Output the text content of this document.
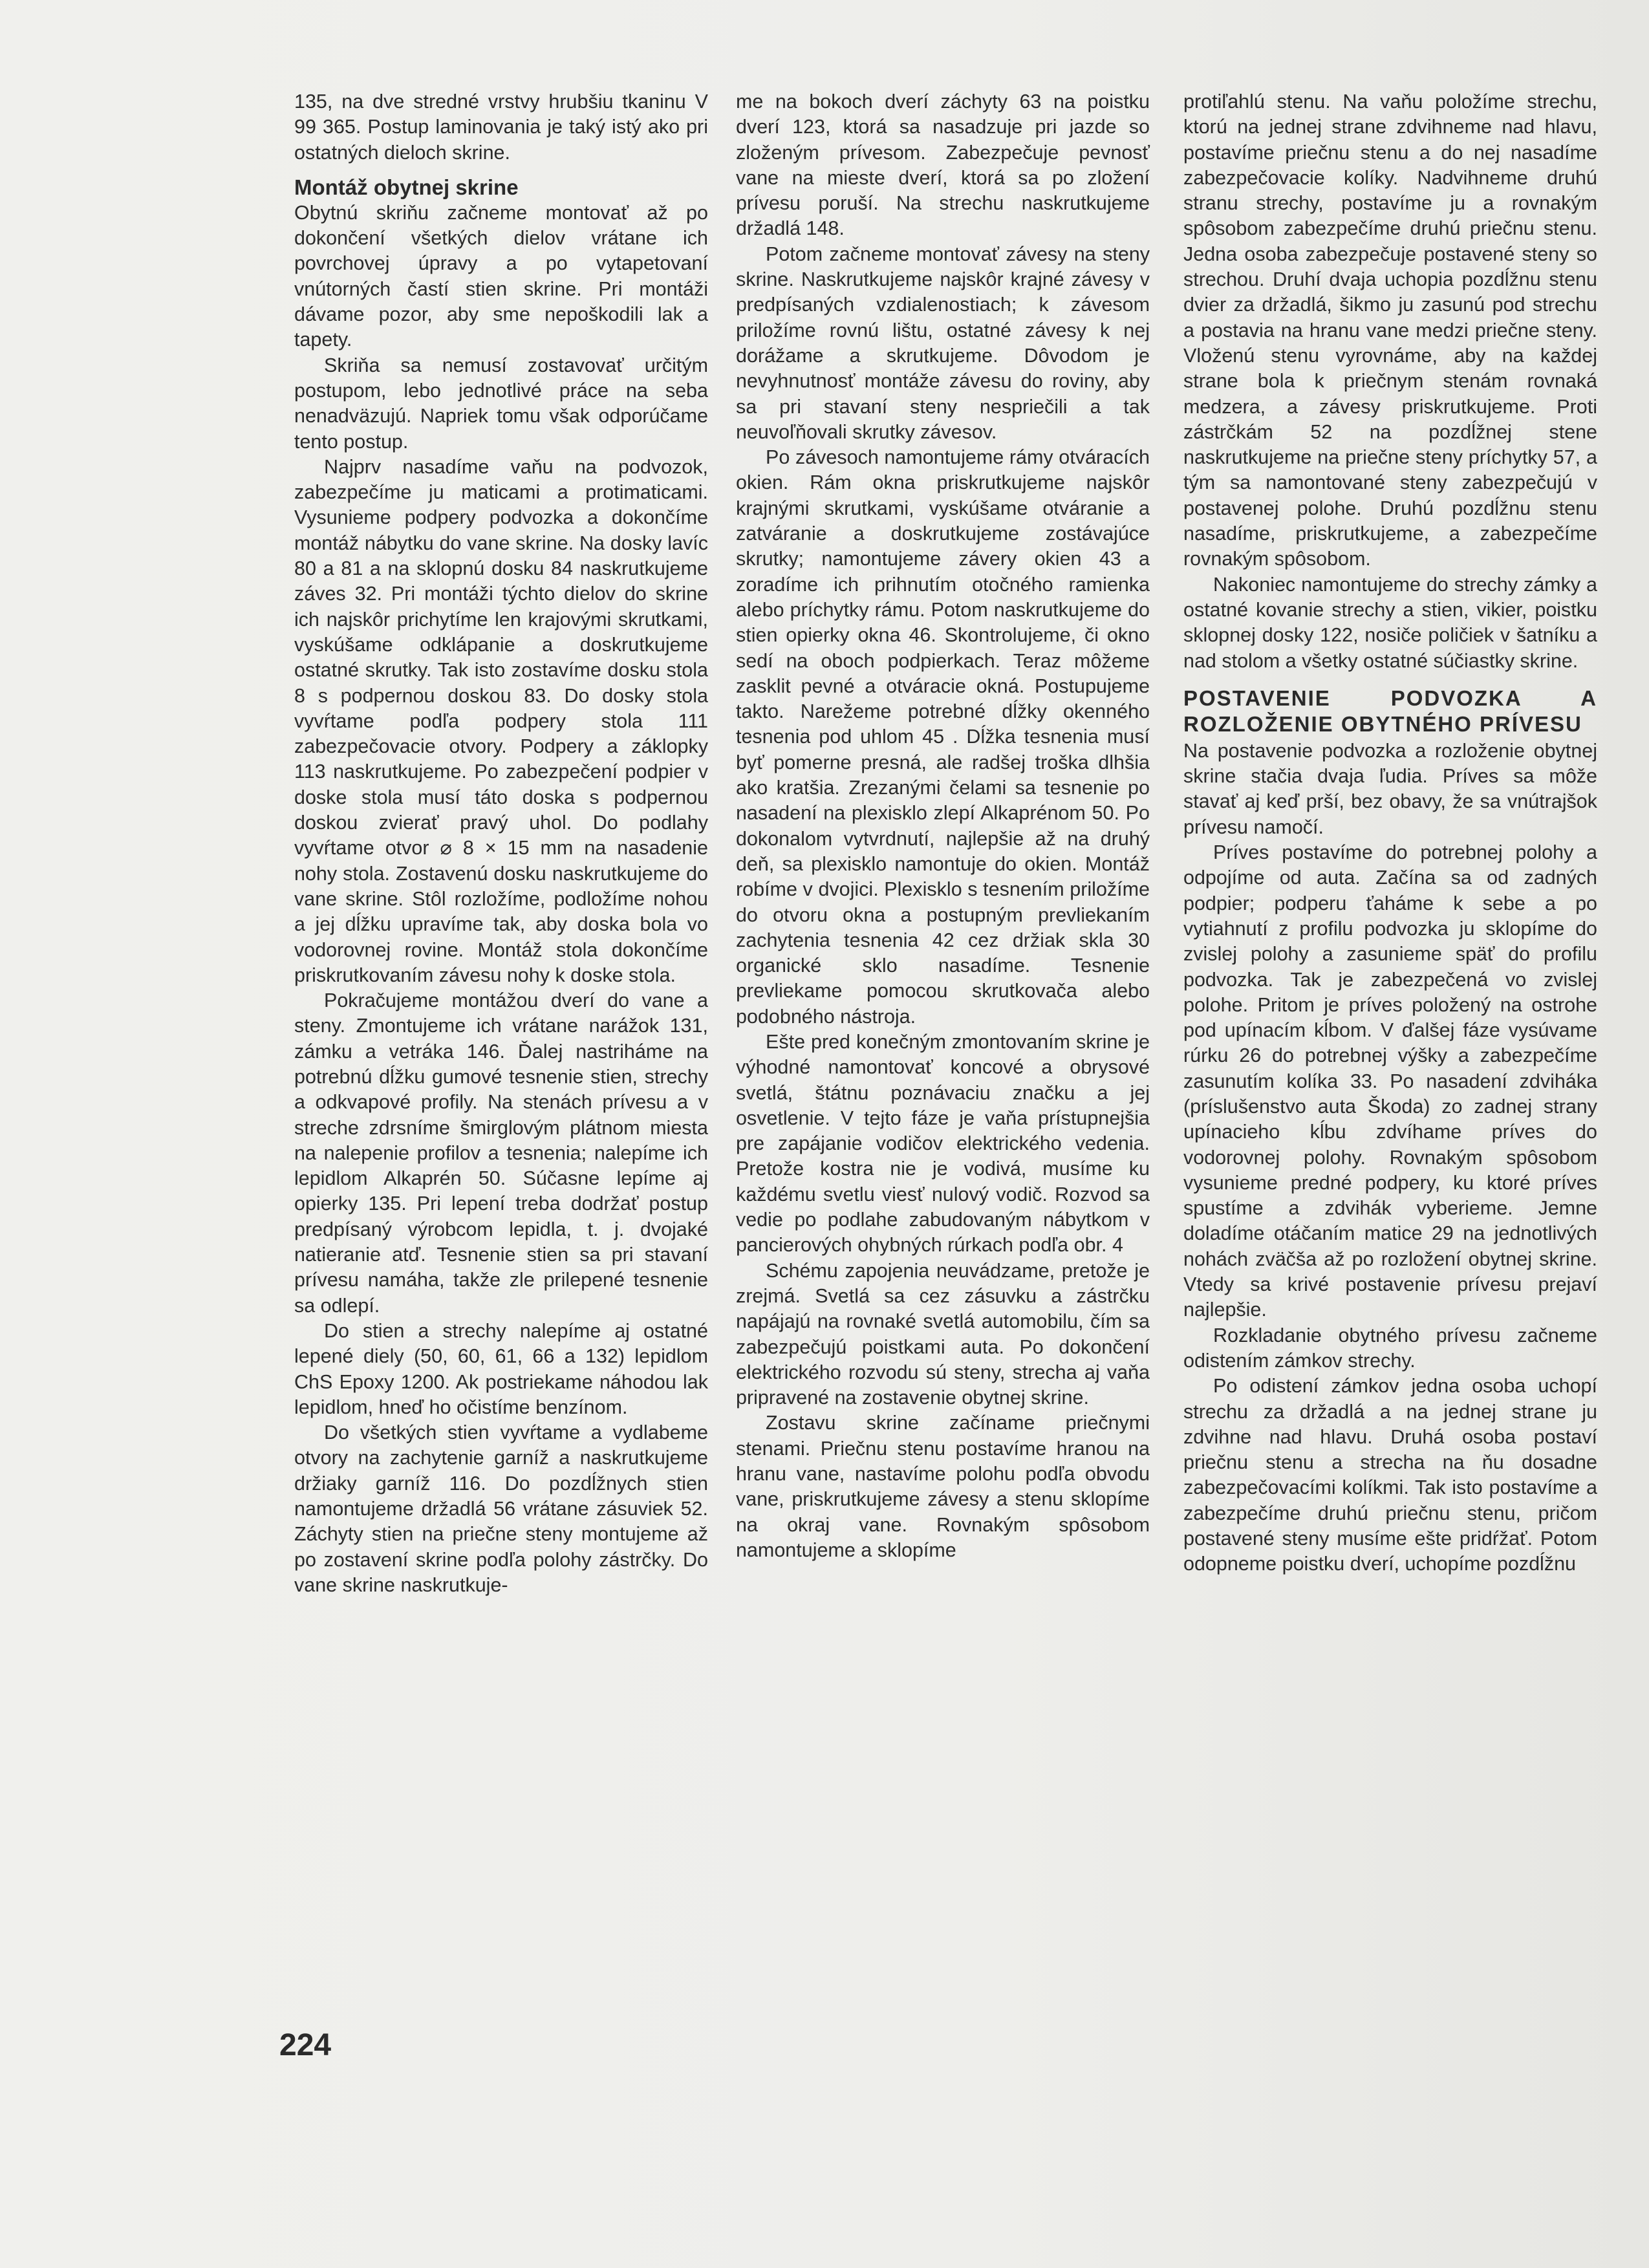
135, na dve stredné vrstvy hrubšiu tkaninu V 99 365. Postup laminovania je taký istý ako pri ostatných dieloch skrine.

Montáž obytnej skrine

Obytnú skriňu začneme montovať až po dokončení všetkých dielov vrátane ich povrchovej úpravy a po vytapetovaní vnútorných častí stien skrine. Pri montáži dávame pozor, aby sme nepoškodili lak a tapety.

Skriňa sa nemusí zostavovať určitým postupom, lebo jednotlivé práce na seba nenadväzujú. Napriek tomu však odporúčame tento postup.

Najprv nasadíme vaňu na podvozok, zabezpečíme ju maticami a protimaticami. Vysunieme podpery podvozka a dokončíme montáž nábytku do vane skrine. Na dosky lavíc 80 a 81 a na sklopnú dosku 84 naskrutkujeme záves 32. Pri montáži týchto dielov do skrine ich najskôr prichytíme len krajovými skrutkami, vyskúšame odklápanie a doskrutkujeme ostatné skrutky. Tak isto zostavíme dosku stola 8 s podpernou doskou 83. Do dosky stola vyvŕtame podľa podpery stola 111 zabezpečovacie otvory. Podpery a záklopky 113 naskrutkujeme. Po zabezpečení podpier v doske stola musí táto doska s podpernou doskou zvierať pravý uhol. Do podlahy vyvŕtame otvor ⌀ 8 × 15 mm na nasadenie nohy stola. Zostavenú dosku naskrutkujeme do vane skrine. Stôl rozložíme, podložíme nohou a jej dĺžku upravíme tak, aby doska bola vo vodorovnej rovine. Montáž stola dokončíme priskrutkovaním závesu nohy k doske stola.

Pokračujeme montážou dverí do vane a steny. Zmontujeme ich vrátane narážok 131, zámku a vetráka 146. Ďalej nastriháme na potrebnú dĺžku gumové tesnenie stien, strechy a odkvapové profily. Na stenách prívesu a v streche zdrsníme šmirglovým plátnom miesta na nalepenie profilov a tesnenia; nalepíme ich lepidlom Alkaprén 50. Súčasne lepíme aj opierky 135. Pri lepení treba dodržať postup predpísaný výrobcom lepidla, t. j. dvojaké natieranie atď. Tesnenie stien sa pri stavaní prívesu namáha, takže zle prilepené tesnenie sa odlepí.

Do stien a strechy nalepíme aj ostatné lepené diely (50, 60, 61, 66 a 132) lepidlom ChS Epoxy 1200. Ak postriekame náhodou lak lepidlom, hneď ho očistíme benzínom.

Do všetkých stien vyvŕtame a vydlabeme otvory na zachytenie garníž a naskrutkujeme držiaky garníž 116. Do pozdĺžnych stien namontujeme držadlá 56 vrátane zásuviek 52. Záchyty stien na priečne steny montujeme až po zostavení skrine podľa polohy zástrčky. Do vane skrine naskrutkuje-

me na bokoch dverí záchyty 63 na poistku dverí 123, ktorá sa nasadzuje pri jazde so zloženým prívesom. Zabezpečuje pevnosť vane na mieste dverí, ktorá sa po zložení prívesu poruší. Na strechu naskrutkujeme držadlá 148.

Potom začneme montovať závesy na steny skrine. Naskrutkujeme najskôr krajné závesy v predpísaných vzdialenostiach; k závesom priložíme rovnú lištu, ostatné závesy k nej dorážame a skrutkujeme. Dôvodom je nevyhnutnosť montáže závesu do roviny, aby sa pri stavaní steny nespriečili a tak neuvoľňovali skrutky závesov.

Po závesoch namontujeme rámy otváracích okien. Rám okna priskrutkujeme najskôr krajnými skrutkami, vyskúšame otváranie a zatváranie a doskrutkujeme zostávajúce skrutky; namontujeme závery okien 43 a zoradíme ich prihnutím otočného ramienka alebo príchytky rámu. Potom naskrutkujeme do stien opierky okna 46. Skontrolujeme, či okno sedí na oboch podpierkach. Teraz môžeme zasklit pevné a otváracie okná. Postupujeme takto. Narežeme potrebné dĺžky okenného tesnenia pod uhlom 45 . Dĺžka tesnenia musí byť pomerne presná, ale radšej troška dlhšia ako kratšia. Zrezanými čelami sa tesnenie po nasadení na plexisklo zlepí Alkaprénom 50. Po dokonalom vytvrdnutí, najlepšie až na druhý deň, sa plexisklo namontuje do okien. Montáž robíme v dvojici. Plexisklo s tesnením priložíme do otvoru okna a postupným prevliekaním zachytenia tesnenia 42 cez držiak skla 30 organické sklo nasadíme. Tesnenie prevliekame pomocou skrutkovača alebo podobného nástroja.

Ešte pred konečným zmontovaním skrine je výhodné namontovať koncové a obrysové svetlá, štátnu poznávaciu značku a jej osvetlenie. V tejto fáze je vaňa prístupnejšia pre zapájanie vodičov elektrického vedenia. Pretože kostra nie je vodivá, musíme ku každému svetlu viesť nulový vodič. Rozvod sa vedie po podlahe zabudovaným nábytkom v pancierových ohybných rúrkach podľa obr. 4

Schému zapojenia neuvádzame, pretože je zrejmá. Svetlá sa cez zásuvku a zástrčku napájajú na rovnaké svetlá automobilu, čím sa zabezpečujú poistkami auta. Po dokončení elektrického rozvodu sú steny, strecha aj vaňa pripravené na zostavenie obytnej skrine.

Zostavu skrine začíname priečnymi stenami. Priečnu stenu postavíme hranou na hranu vane, nastavíme polohu podľa obvodu vane, priskrutkujeme závesy a stenu sklopíme na okraj vane. Rovnakým spôsobom namontujeme a sklopíme

protiľahlú stenu. Na vaňu položíme strechu, ktorú na jednej strane zdvihneme nad hlavu, postavíme priečnu stenu a do nej nasadíme zabezpečovacie kolíky. Nadvihneme druhú stranu strechy, postavíme ju a rovnakým spôsobom zabezpečíme druhú priečnu stenu. Jedna osoba zabezpečuje postavené steny so strechou. Druhí dvaja uchopia pozdĺžnu stenu dvier za držadlá, šikmo ju zasunú pod strechu a postavia na hranu vane medzi priečne steny. Vloženú stenu vyrovnáme, aby na každej strane bola k priečnym stenám rovnaká medzera, a závesy priskrutkujeme. Proti zástrčkám 52 na pozdĺžnej stene naskrutkujeme na priečne steny príchytky 57, a tým sa namontované steny zabezpečujú v postavenej polohe. Druhú pozdĺžnu stenu nasadíme, priskrutkujeme, a zabezpečíme rovnakým spôsobom.

Nakoniec namontujeme do strechy zámky a ostatné kovanie strechy a stien, vikier, poistku sklopnej dosky 122, nosiče poličiek v šatníku a nad stolom a všetky ostatné súčiastky skrine.

POSTAVENIE PODVOZKA A ROZLOŽENIE OBYTNÉHO PRÍVESU

Na postavenie podvozka a rozloženie obytnej skrine stačia dvaja ľudia. Príves sa môže stavať aj keď prší, bez obavy, že sa vnútrajšok prívesu namočí.

Príves postavíme do potrebnej polohy a odpojíme od auta. Začína sa od zadných podpier; podperu ťaháme k sebe a po vytiahnutí z profilu podvozka ju sklopíme do zvislej polohy a zasunieme späť do profilu podvozka. Tak je zabezpečená vo zvislej polohe. Pritom je príves položený na ostrohe pod upínacím kĺbom. V ďalšej fáze vysúvame rúrku 26 do potrebnej výšky a zabezpečíme zasunutím kolíka 33. Po nasadení zdviháka (príslušenstvo auta Škoda) zo zadnej strany upínacieho kĺbu zdvíhame príves do vodorovnej polohy. Rovnakým spôsobom vysunieme predné podpery, ku ktoré príves spustíme a zdvihák vyberieme. Jemne doladíme otáčaním matice 29 na jednotlivých nohách zväčša až po rozložení obytnej skrine. Vtedy sa krivé postavenie prívesu prejaví najlepšie.

Rozkladanie obytného prívesu začneme odistením zámkov strechy.

Po odistení zámkov jedna osoba uchopí strechu za držadlá a na jednej strane ju zdvihne nad hlavu. Druhá osoba postaví priečnu stenu a strecha na ňu dosadne zabezpečovacími kolíkmi. Tak isto postavíme a zabezpečíme druhú priečnu stenu, pričom postavené steny musíme ešte pridŕžať. Potom odopneme poistku dverí, uchopíme pozdĺžnu

224
